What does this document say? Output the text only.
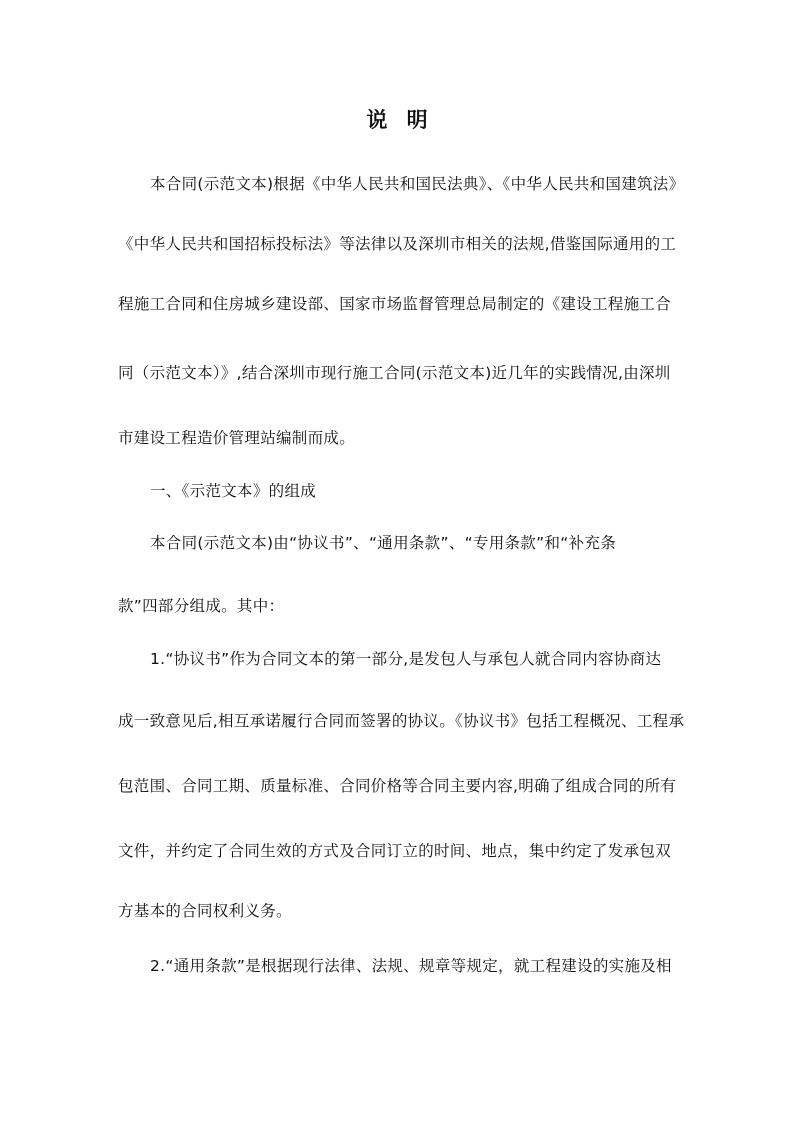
说 明
本合同(示范文本)根据《中华人民共和国民法典》、《中华人民共和国建筑法》
《中华人民共和国招标投标法》等法律以及深圳市相关的法规,借鉴国际通用的工
程施工合同和住房城乡建设部、国家市场监督管理总局制定的《建设工程施工合
同（示范文本）》,结合深圳市现行施工合同(示范文本)近几年的实践情况,由深圳
市建设工程造价管理站编制而成。
一、《示范文本》的组成
本合同(示范文本)由“协议书”、“通用条款”、“专用条款”和“补充条
款”四部分组成。其中：
1.“协议书”作为合同文本的第一部分,是发包人与承包人就合同内容协商达
成一致意见后,相互承诺履行合同而签署的协议。《协议书》包括工程概况、工程承
包范围、合同工期、质量标准、合同价格等合同主要内容,明确了组成合同的所有
文件，并约定了合同生效的方式及合同订立的时间、地点，集中约定了发承包双
方基本的合同权利义务。
2.“通用条款”是根据现行法律、法规、规章等规定，就工程建设的实施及相
